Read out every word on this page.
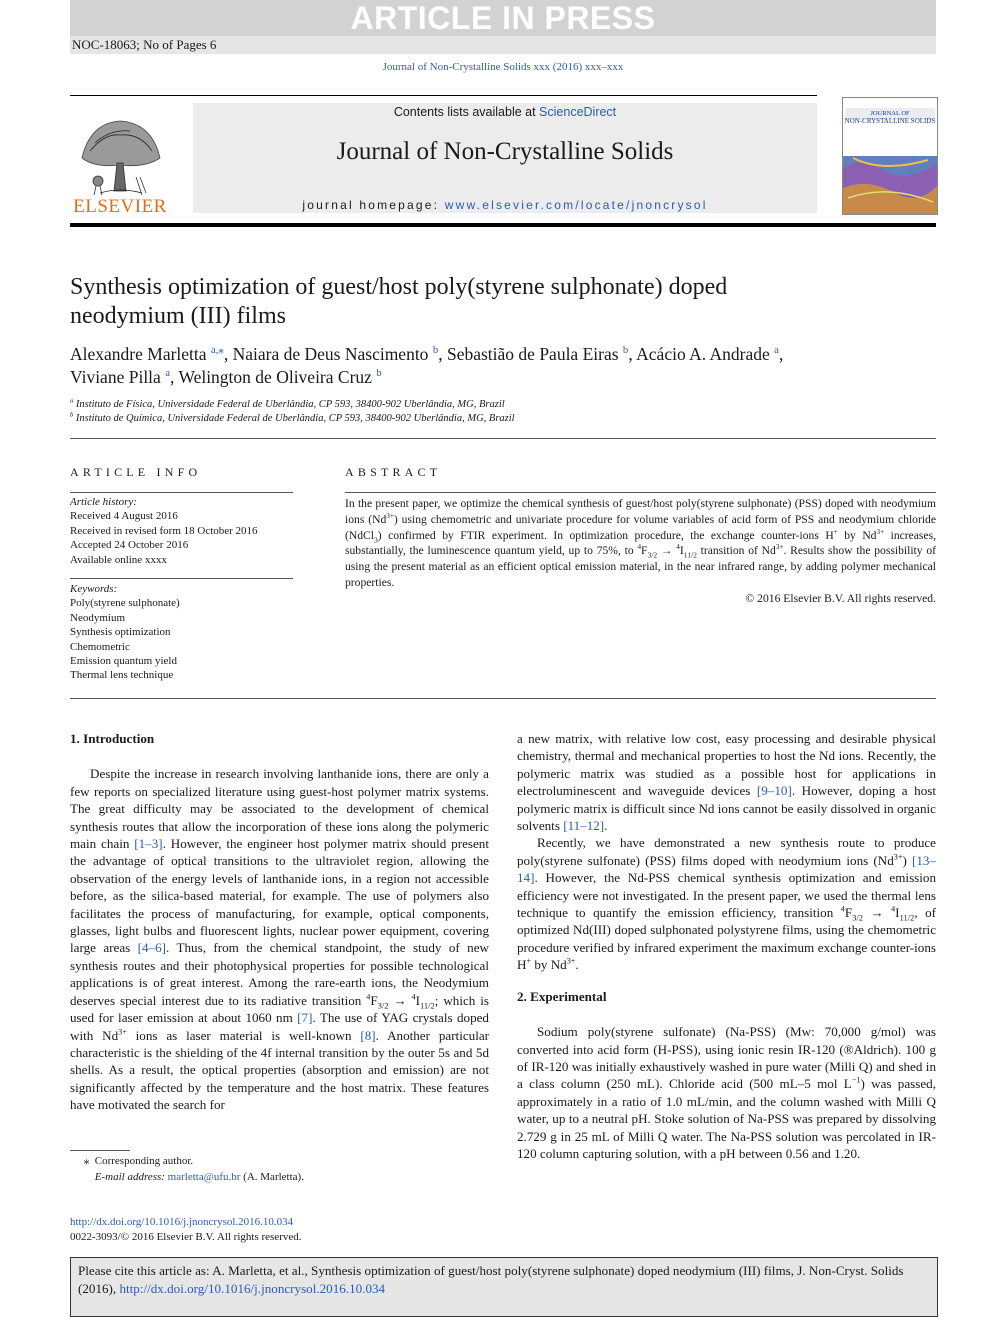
ARTICLE IN PRESS
NOC-18063; No of Pages 6
Journal of Non-Crystalline Solids xxx (2016) xxx–xxx
ELSEVIER
Contents lists available at ScienceDirect
Journal of Non-Crystalline Solids
journal homepage: www.elsevier.com/locate/jnoncrysol
JOURNAL OF
NON-CRYSTALLINE SOLIDS
Synthesis optimization of guest/host poly(styrene sulphonate) doped
neodymium (III) films
Alexandre Marletta $^{a,⁎}$, Naiara de Deus Nascimento $^b$, Sebastião de Paula Eiras $^b$, Acácio A. Andrade $^a$,
Viviane Pilla $^a$, Welington de Oliveira Cruz $^b$
$^a$ Instituto de Física, Universidade Federal de Uberlândia, CP 593, 38400-902 Uberlândia, MG, Brazil
$^b$ Instituto de Química, Universidade Federal de Uberlândia, CP 593, 38400-902 Uberlândia, MG, Brazil
ARTICLE INFO
Article history:
Received 4 August 2016
Received in revised form 18 October 2016
Accepted 24 October 2016
Available online xxxx
Keywords:
Poly(styrene sulphonate)
Neodymium
Synthesis optimization
Chemometric
Emission quantum yield
Thermal lens technique
ABSTRACT
In the present paper, we optimize the chemical synthesis of guest/host poly(styrene sulphonate) (PSS) doped with neodymium ions $(Nd^{3+})$ using chemometric and univariate procedure for volume variables of acid form of PSS and neodymium chloride (NdCl$_3$) confirmed by FTIR experiment. In optimization procedure, the exchange counter-ions H+ by $Nd^{3+}$ increases, substantially, the luminescence quantum yield, up to 75%, to $^4F_{3/2} \to ^4I_{11/2}$ transition of $Nd^{3+}$. Results show the possibility of using the present material as an efficient optical emission material, in the near infrared range, by adding polymer mechanical properties.
© 2016 Elsevier B.V. All rights reserved.
1. Introduction

Despite the increase in research involving lanthanide ions, there are only a few reports on specialized literature using guest-host polymer matrix systems. The great difficulty may be associated to the development of chemical synthesis routes that allow the incorporation of these ions along the polymeric main chain [1–3]. However, the engineer host polymer matrix should present the advantage of optical transitions to the ultraviolet region, allowing the observation of the energy levels of lanthanide ions, in a region not accessible before, as the silica-based material, for example. The use of polymers also facilitates the process of manufacturing, for example, optical components, glasses, light bulbs and fluorescent lights, nuclear power equipment, covering large areas [4–6]. Thus, from the chemical standpoint, the study of new synthesis routes and their photophysical properties for possible technological applications is of great interest. Among the rare-earth ions, the Neodymium deserves special interest due to its radiative transition $^4F_{3/2} \to ^4I_{11/2}$; which is used for laser emission at about 1060 nm [7]. The use of YAG crystals doped with $Nd^{3+}$ ions as laser material is well-known [8]. Another particular characteristic is the shielding of the 4f internal transition by the outer 5s and 5d shells. As a result, the optical properties (absorption and emission) are not significantly affected by the temperature and the host matrix. These features have motivated the search for

a new matrix, with relative low cost, easy processing and desirable physical chemistry, thermal and mechanical properties to host the Nd ions. Recently, the polymeric matrix was studied as a possible host for applications in electroluminescent and waveguide devices [9–10]. However, doping a host polymeric matrix is difficult since Nd ions cannot be easily dissolved in organic solvents [11–12].

Recently, we have demonstrated a new synthesis route to produce poly(styrene sulfonate) (PSS) films doped with neodymium ions $(Nd^{3+})$ [13–14]. However, the Nd-PSS chemical synthesis optimization and emission efficiency were not investigated. In the present paper, we used the thermal lens technique to quantify the emission efficiency, transition $^4F_{3/2} \to ^4I_{11/2}$, of optimized Nd(III) doped sulphonated polystyrene films, using the chemometric procedure verified by infrared experiment the maximum exchange counter-ions H+ by $Nd^{3+}$.

2. Experimental

Sodium poly(styrene sulfonate) (Na-PSS) (Mw: 70,000 g/mol) was converted into acid form (H-PSS), using ionic resin IR-120 (®Aldrich). 100 g of IR-120 was initially exhaustively washed in pure water (Milli Q) and shed in a class column (250 mL). Chloride acid (500 mL–5 mol $L^{-1}$) was passed, approximately in a ratio of 1.0 mL/min, and the column washed with Milli Q water, up to a neutral pH. Stoke solution of Na-PSS was prepared by dissolving 2.729 g in 25 mL of Milli Q water. The Na-PSS solution was percolated in IR-120 column capturing solution, with a pH between 0.56 and 1.20.

⁎  Corresponding author.
E-mail address: marletta@ufu.br (A. Marletta).
http://dx.doi.org/10.1016/j.jnoncrysol.2016.10.034
0022-3093/© 2016 Elsevier B.V. All rights reserved.
Please cite this article as: A. Marletta, et al., Synthesis optimization of guest/host poly(styrene sulphonate) doped neodymium (III) films, J. Non-Cryst. Solids (2016), http://dx.doi.org/10.1016/j.jnoncrysol.2016.10.034
